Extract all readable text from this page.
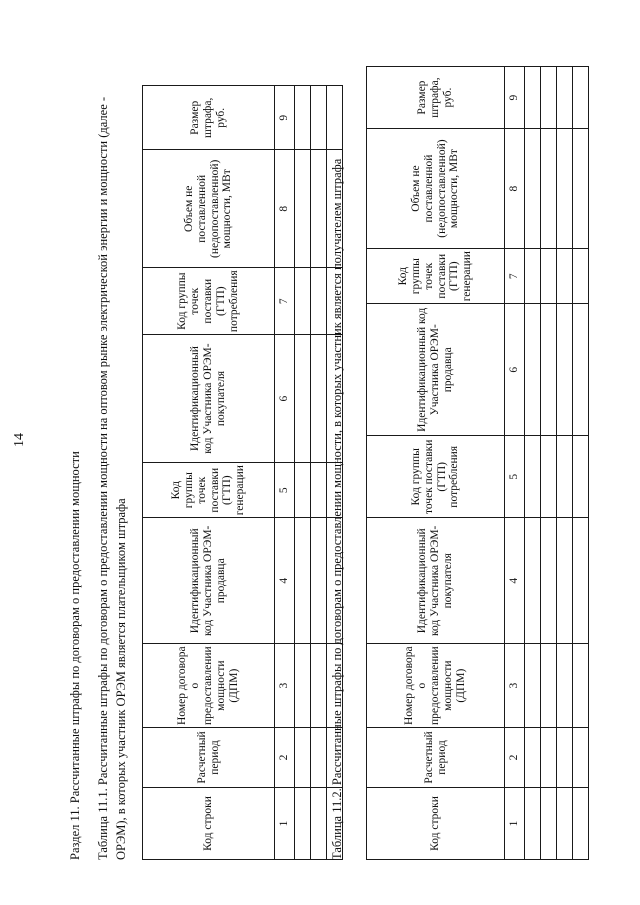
14
Раздел 11. Рассчитанные штрафы по договорам о предоставлении мощности Таблица 11.1. Рассчитанные штрафы по договорам о предоставлении мощности на оптовом рынке электрической энергии и мощности (далее - ОРЭМ), в которых участник ОРЭМ является плательщиком штрафа	Код строки	Расчетный период	Номер договора о предоставлении мощности (ДПМ)	Идентификационный код Участника ОРЭМ-продавца	Код группы точек поставки (ГТП) генерации	Идентификационный код Участника ОРЭМ-покупателя	Код группы точек поставки (ГТП) потребления	Объем не поставленной (недопоставленной) мощности, МВт	Размер штрафа, руб.
1	2	3	4	5	6	7	8	9

Таблица 11.2. Рассчитанные штрафы по договорам о предоставлении мощности, в которых участник является получателем штрафа	Код строки	Расчетный период	Номер договора о предоставлении мощности (ДПМ)	Идентификационный код Участника ОРЭМ-покупателя	Код группы точек поставки (ГТП) потребления	Идентификационный код Участника ОРЭМ-продавца	Код группы точек поставки (ГТП) генерации	Объем не поставленной (недопоставленной) мощности, МВт	Размер штрафа, руб.
1	2	3	4	5	6	7	8	9
